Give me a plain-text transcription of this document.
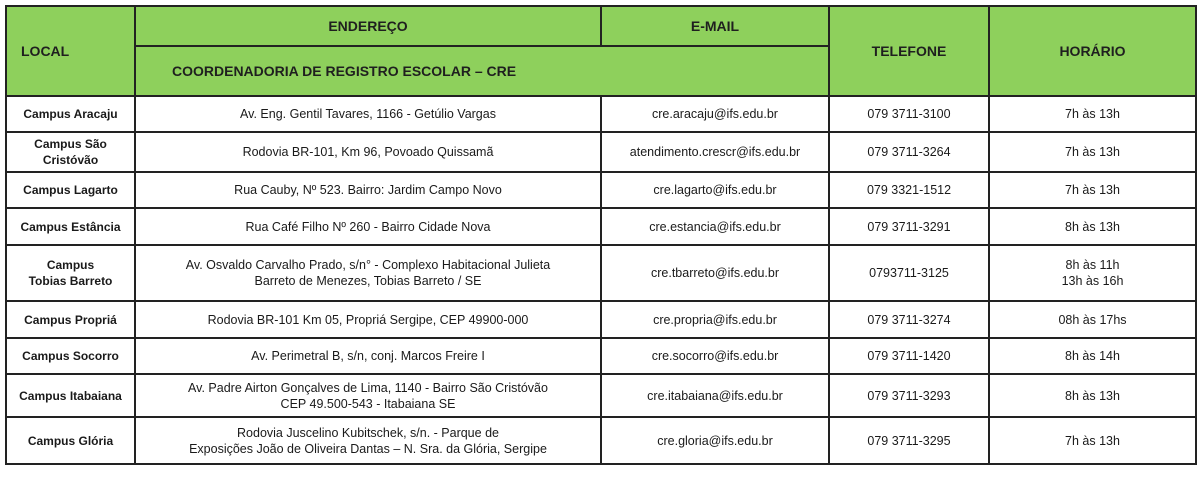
LOCAL	ENDEREÇO	E-MAIL	TELEFONE	HORÁRIO
	COORDENADORIA DE REGISTRO ESCOLAR – CRE			

Campus Aracaju	Av. Eng. Gentil Tavares, 1166 - Getúlio Vargas	cre.aracaju@ifs.edu.br	079 3711-3100	7h às 13h

Campus São
Cristóvão	Rodovia BR-101, Km 96, Povoado Quissamã	atendimento.crescr@ifs.edu.br	079 3711-3264	7h às 13h

Campus Lagarto	Rua Cauby, Nº 523. Bairro: Jardim Campo Novo	cre.lagarto@ifs.edu.br	079 3321-1512	7h às 13h

Campus Estância	Rua Café Filho Nº 260 - Bairro Cidade Nova	cre.estancia@ifs.edu.br	079 3711-3291	8h às 13h

Campus
Tobias Barreto	Av. Osvaldo Carvalho Prado, s/n° - Complexo Habitacional Julieta
Barreto de Menezes, Tobias Barreto / SE	cre.tbarreto@ifs.edu.br	0793711-3125	8h às 11h
13h às 16h

Campus Propriá	Rodovia BR-101 Km 05, Propriá Sergipe, CEP 49900-000	cre.propria@ifs.edu.br	079 3711-3274	08h às 17hs

Campus Socorro	Av. Perimetral B, s/n, conj. Marcos Freire I	cre.socorro@ifs.edu.br	079 3711-1420	8h às 14h

Campus Itabaiana	Av. Padre Airton Gonçalves de Lima, 1140 - Bairro São Cristóvão
CEP 49.500-543 - Itabaiana SE	cre.itabaiana@ifs.edu.br	079 3711-3293	8h às 13h

Campus Glória	Rodovia Juscelino Kubitschek, s/n. - Parque de
Exposições João de Oliveira Dantas – N. Sra. da Glória, Sergipe	cre.gloria@ifs.edu.br	079 3711-3295	7h às 13h
